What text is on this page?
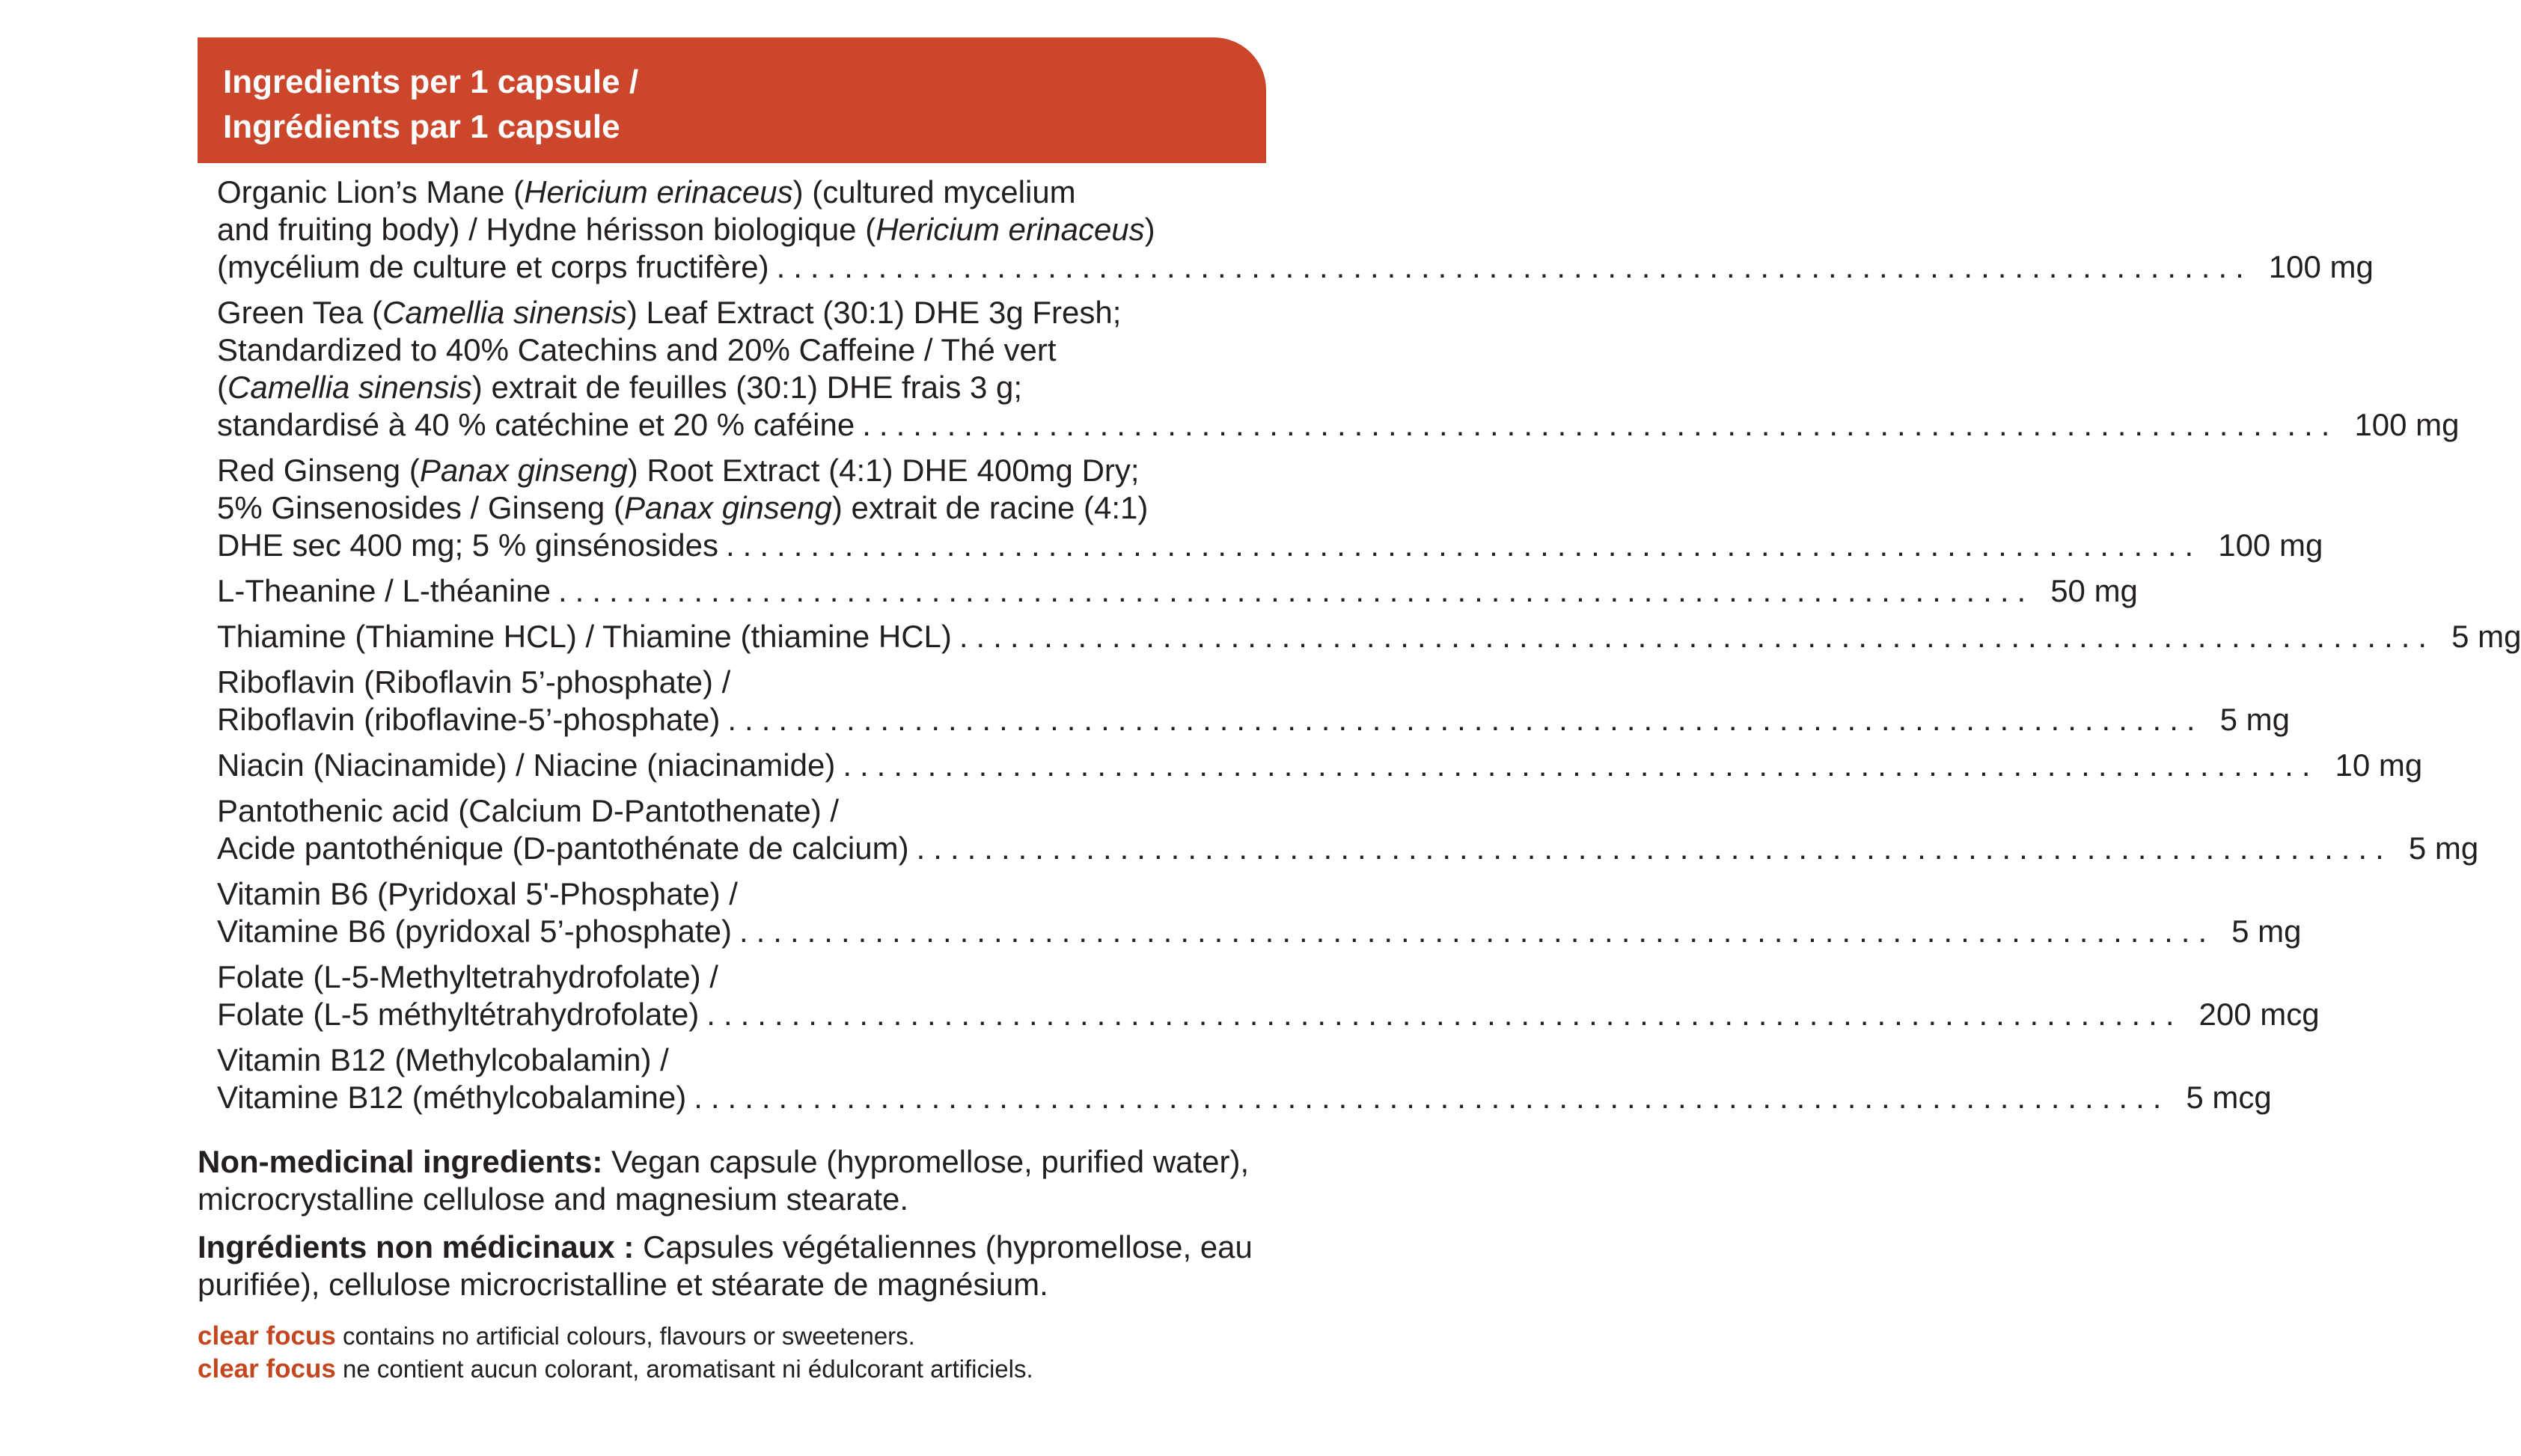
Ingredients per 1 capsule /
Ingrédients par 1 capsule
Organic Lion’s Mane (Hericium erinaceus) (cultured mycelium
and fruiting body) / Hydne hérisson biologique (Hericium erinaceus)
(mycélium de culture et corps fructifère) ....................................................................................... 100 mg
Green Tea (Camellia sinensis) Leaf Extract (30:1) DHE 3g Fresh;
Standardized to 40% Catechins and 20% Caffeine / Thé vert
(Camellia sinensis) extrait de feuilles (30:1) DHE frais 3 g;
standardisé à 40 % catéchine et 20 % caféine ....................................................................................... 100 mg
Red Ginseng (Panax ginseng) Root Extract (4:1) DHE 400mg Dry;
5% Ginsenosides / Ginseng (Panax ginseng) extrait de racine (4:1)
DHE sec 400 mg; 5 % ginsénosides ....................................................................................... 100 mg
L-Theanine / L-théanine ....................................................................................... 50 mg
Thiamine (Thiamine HCL) / Thiamine (thiamine HCL) ....................................................................................... 5 mg
Riboflavin (Riboflavin 5’-phosphate) /
Riboflavin (riboflavine-5’-phosphate) ....................................................................................... 5 mg
Niacin (Niacinamide) / Niacine (niacinamide) ....................................................................................... 10 mg
Pantothenic acid (Calcium D-Pantothenate) /
Acide pantothénique (D-pantothénate de calcium) ....................................................................................... 5 mg
Vitamin B6 (Pyridoxal 5'-Phosphate) /
Vitamine B6 (pyridoxal 5’-phosphate) ....................................................................................... 5 mg
Folate (L-5-Methyltetrahydrofolate) /
Folate (L-5 méthyltétrahydrofolate) ....................................................................................... 200 mcg
Vitamin B12 (Methylcobalamin) /
Vitamine B12 (méthylcobalamine) ....................................................................................... 5 mcg
Non-medicinal ingredients: Vegan capsule (hypromellose, purified water),
microcrystalline cellulose and magnesium stearate.
Ingrédients non médicinaux : Capsules végétaliennes (hypromellose, eau
purifiée), cellulose microcristalline et stéarate de magnésium.
clear focus contains no artificial colours, flavours or sweeteners.
clear focus ne contient aucun colorant, aromatisant ni édulcorant artificiels.
